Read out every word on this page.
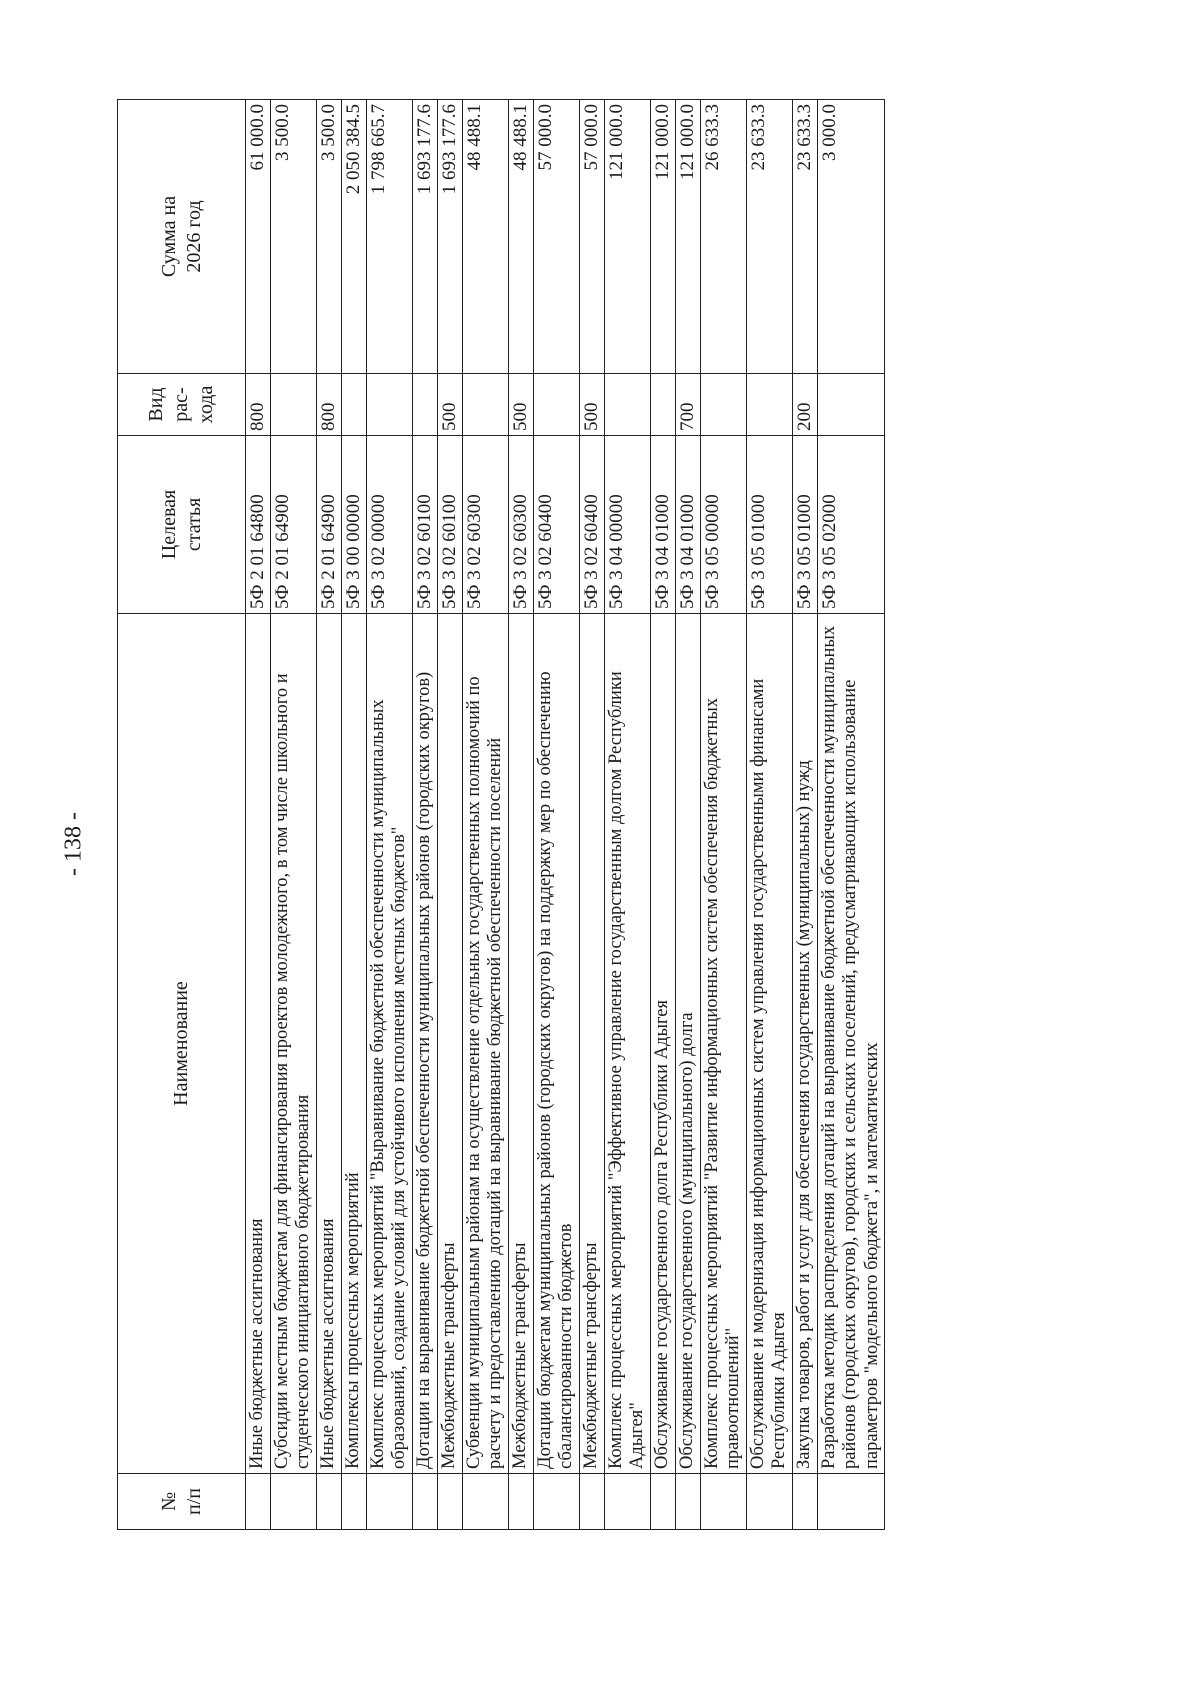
- 138 -
№ п/п	Наименование	Целевая статья	Вид рас- хода	Сумма на 2026 год

	Иные бюджетные ассигнования	5Ф 2 01 64800	800	61 000.0
	Субсидии местным бюджетам для финансирования проектов молодежного, в том числе школьного и студенческого инициативного бюджетирования	5Ф 2 01 64900		3 500.0
	Иные бюджетные ассигнования	5Ф 2 01 64900	800	3 500.0
	Комплексы процессных мероприятий	5Ф 3 00 00000		2 050 384.5
	Комплекс процессных мероприятий "Выравнивание бюджетной обеспеченности муниципальных образований, создание условий для устойчивого исполнения местных бюджетов"	5Ф 3 02 00000		1 798 665.7
	Дотации на выравнивание бюджетной обеспеченности муниципальных районов (городских округов)	5Ф 3 02 60100		1 693 177.6
	Межбюджетные трансферты	5Ф 3 02 60100	500	1 693 177.6
	Субвенции муниципальным районам на осуществление отдельных государственных полномочий по расчету и предоставлению дотаций на выравнивание бюджетной обеспеченности поселений	5Ф 3 02 60300		48 488.1
	Межбюджетные трансферты	5Ф 3 02 60300	500	48 488.1
	Дотации бюджетам муниципальных районов (городских округов) на поддержку мер по обеспечению сбалансированности бюджетов	5Ф 3 02 60400		57 000.0
	Межбюджетные трансферты	5Ф 3 02 60400	500	57 000.0
	Комплекс процессных мероприятий "Эффективное управление государственным долгом Республики Адыгея"	5Ф 3 04 00000		121 000.0
	Обслуживание государственного долга Республики Адыгея	5Ф 3 04 01000		121 000.0
	Обслуживание государственного (муниципального) долга	5Ф 3 04 01000	700	121 000.0
	Комплекс процессных мероприятий "Развитие информационных систем обеспечения бюджетных правоотношений"	5Ф 3 05 00000		26 633.3
	Обслуживание и модернизация информационных систем управления государственными финансами Республики Адыгея	5Ф 3 05 01000		23 633.3
	Закупка товаров, работ и услуг для обеспечения государственных (муниципальных) нужд	5Ф 3 05 01000	200	23 633.3
	Разработка методик распределения дотаций на выравнивание бюджетной обеспеченности муниципальных районов (городских округов), городских и сельских поселений, предусматривающих использование параметров "модельного бюджета", и математических	5Ф 3 05 02000		3 000.0
